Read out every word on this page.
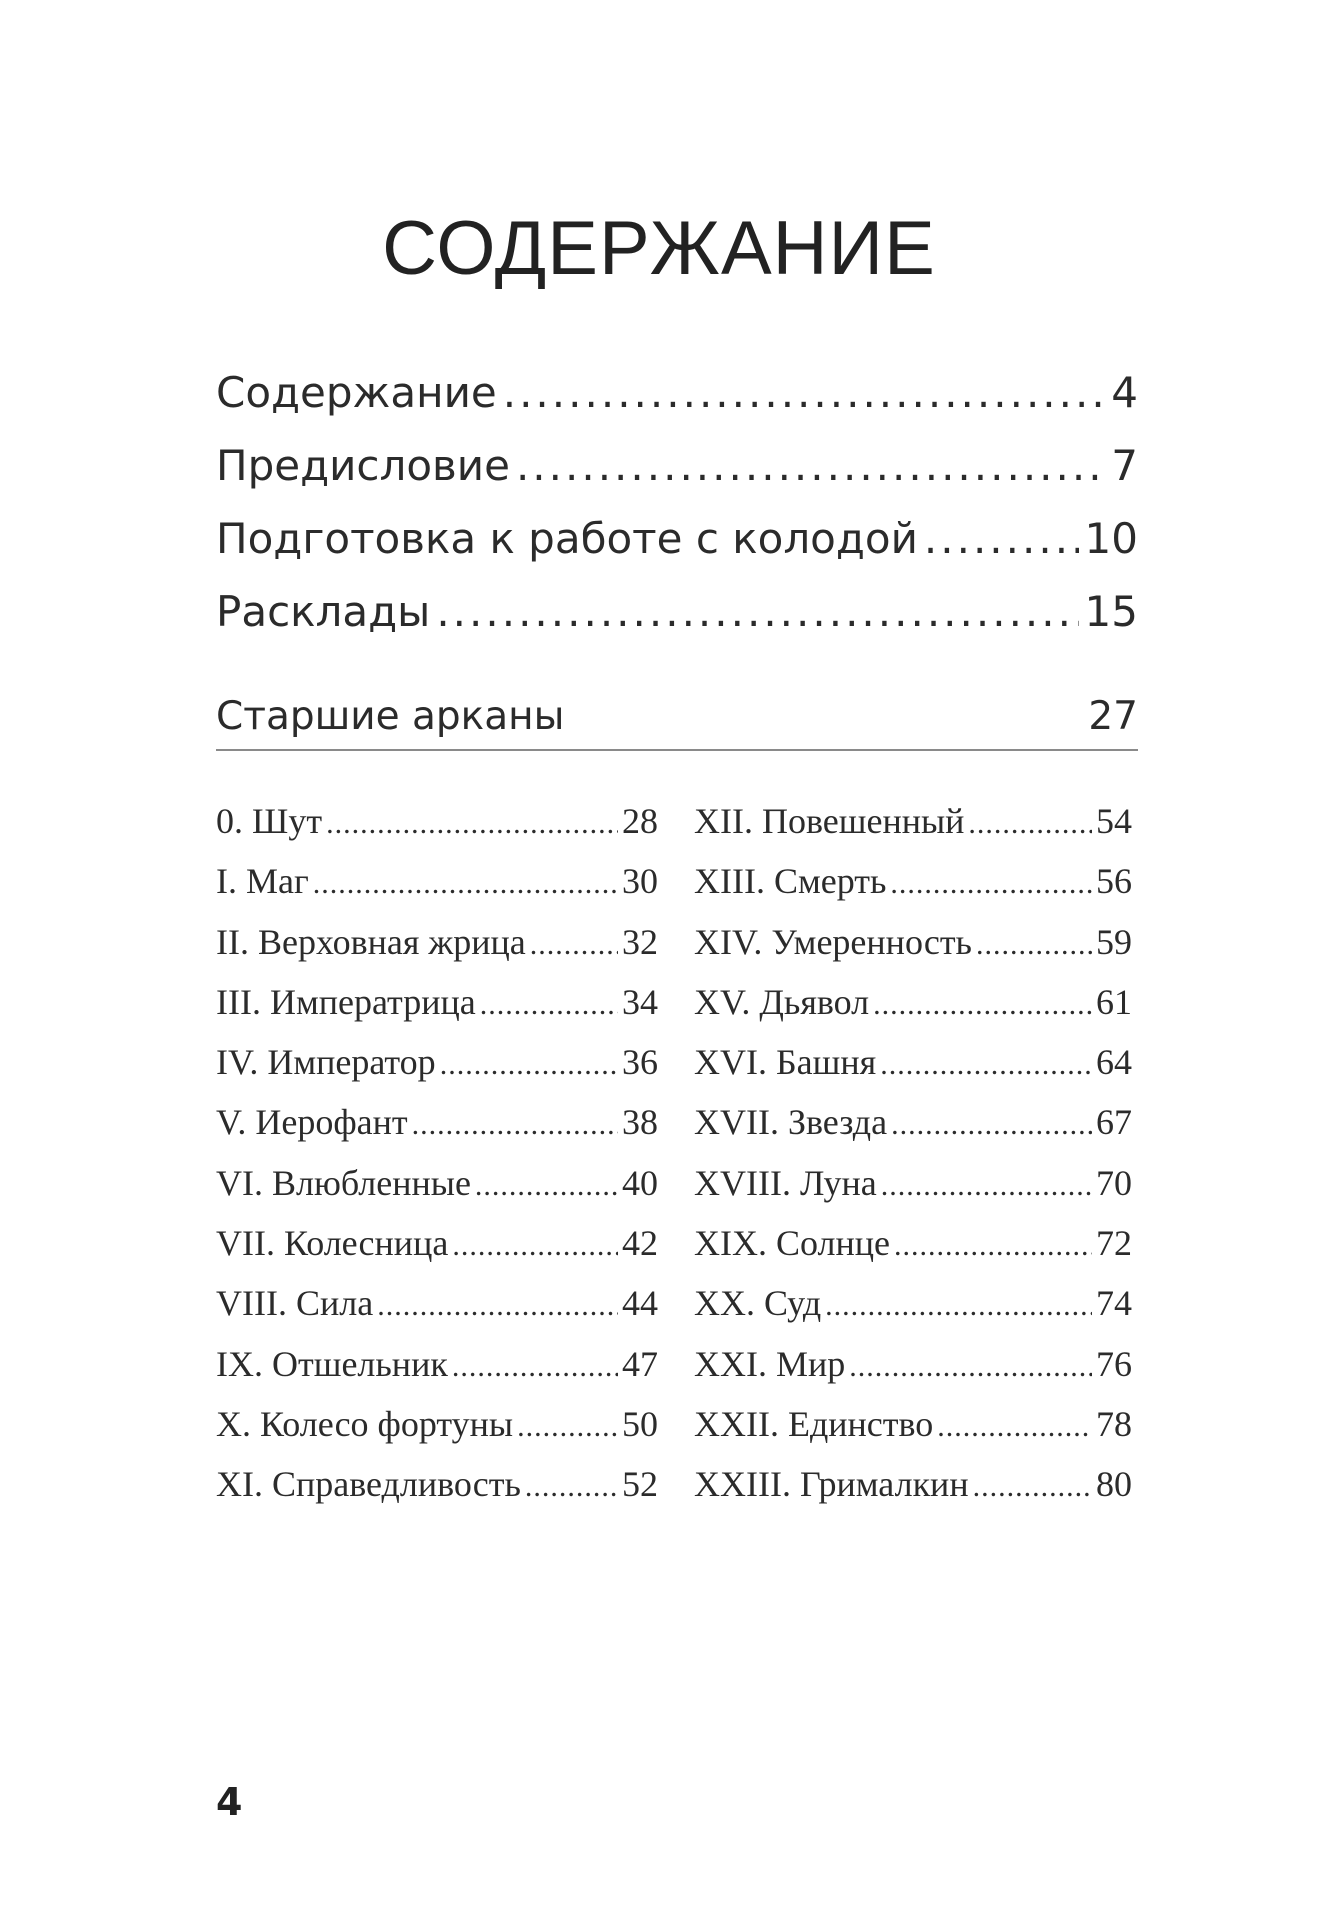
СОДЕРЖАНИЕ
Содержание .....	4
Предисловие .....	7
Подготовка к работе с колодой .....	10
Расклады .....	15
Старшие арканы	27
0. Шут .....	28
I. Маг .....	30
II. Верховная жрица .....	32
III. Императрица .....	34
IV. Император .....	36
V. Иерофант .....	38
VI. Влюбленные .....	40
VII. Колесница .....	42
VIII. Сила .....	44
IX. Отшельник .....	47
X. Колесо фортуны .....	50
XI. Справедливость .....	52
XII. Повешенный .....	54
XIII. Смерть .....	56
XIV. Умеренность .....	59
XV. Дьявол .....	61
XVI. Башня .....	64
XVII. Звезда .....	67
XVIII. Луна .....	70
XIX. Солнце .....	72
XX. Суд .....	74
XXI. Мир .....	76
XXII. Единство .....	78
XXIII. Грималкин .....	80
4
